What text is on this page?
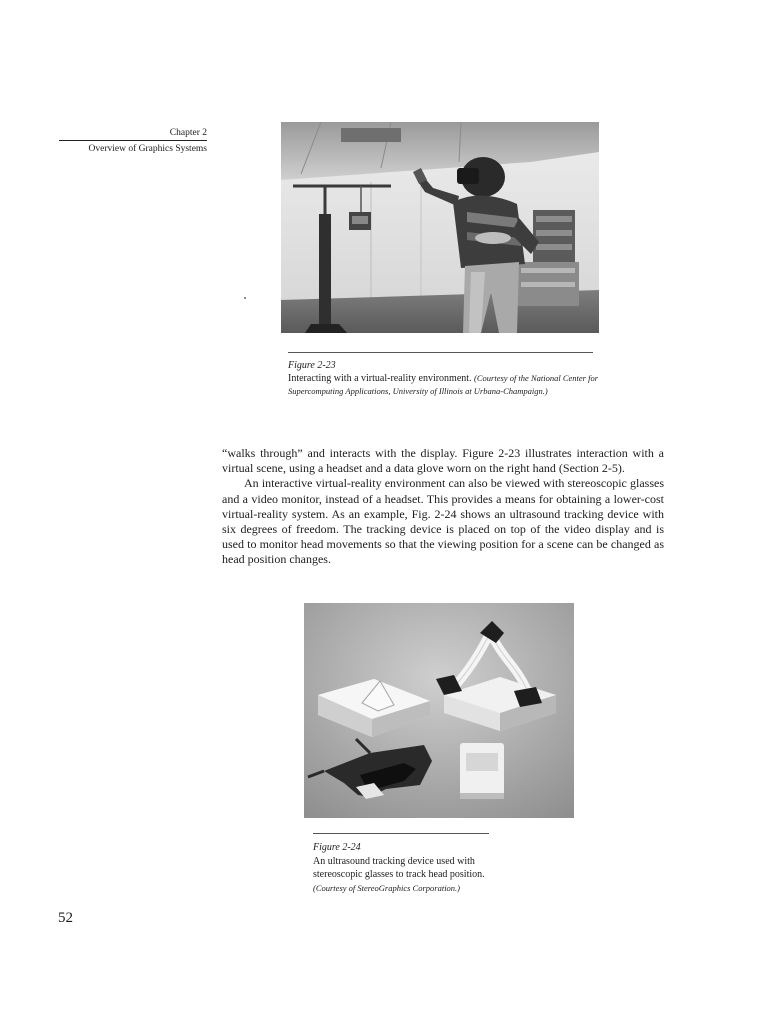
Chapter 2
Overview of Graphics Systems
Figure 2-23
Interacting with a virtual-reality environment. (Courtesy of the National Center for Supercomputing Applications, University of Illinois at Urbana-Champaign.)

“walks through” and interacts with the display. Figure 2-23 illustrates interaction with a virtual scene, using a headset and a data glove worn on the right hand (Section 2-5).

An interactive virtual-reality environment can also be viewed with stereoscopic glasses and a video monitor, instead of a headset. This provides a means for obtaining a lower-cost virtual-reality system. As an example, Fig. 2-24 shows an ultrasound tracking device with six degrees of freedom. The tracking device is placed on top of the video display and is used to monitor head movements so that the viewing position for a scene can be changed as head position changes.

Figure 2-24
An ultrasound tracking device used with stereoscopic glasses to track head position. (Courtesy of StereoGraphics Corporation.)
52
